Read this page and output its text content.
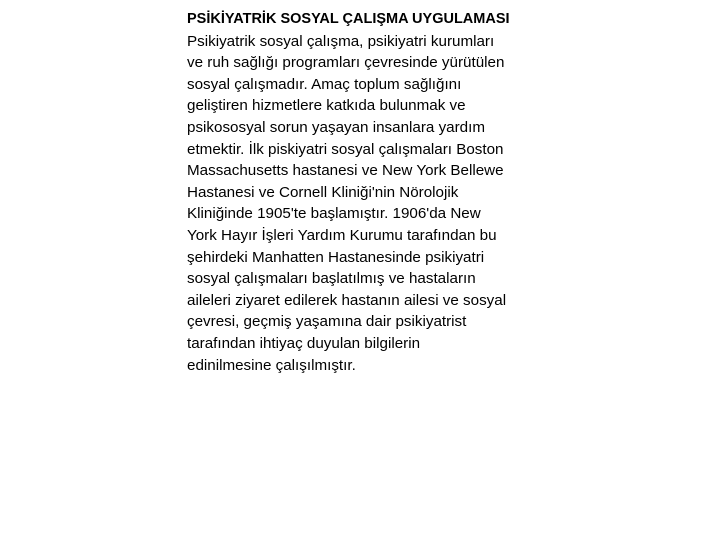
PSİKİYATRİK SOSYAL ÇALIŞMA UYGULAMASI
Psikiyatrik sosyal çalışma, psikiyatri kurumları
ve ruh sağlığı programları çevresinde yürütülen
sosyal çalışmadır. Amaç toplum sağlığını
geliştiren hizmetlere katkıda bulunmak ve
psikososyal sorun yaşayan insanlara yardım
etmektir. İlk piskiyatri sosyal çalışmaları Boston
Massachusetts hastanesi ve New York Bellewe
Hastanesi ve Cornell Kliniği'nin Nörolojik
Kliniğinde 1905'te başlamıştır. 1906'da New
York Hayır İşleri Yardım Kurumu tarafından bu
şehirdeki Manhatten Hastanesinde psikiyatri
sosyal çalışmaları başlatılmış ve hastaların
aileleri ziyaret edilerek hastanın ailesi ve sosyal
çevresi, geçmiş yaşamına dair psikiyatrist
tarafından ihtiyaç duyulan bilgilerin
edinilmesine çalışılmıştır.
